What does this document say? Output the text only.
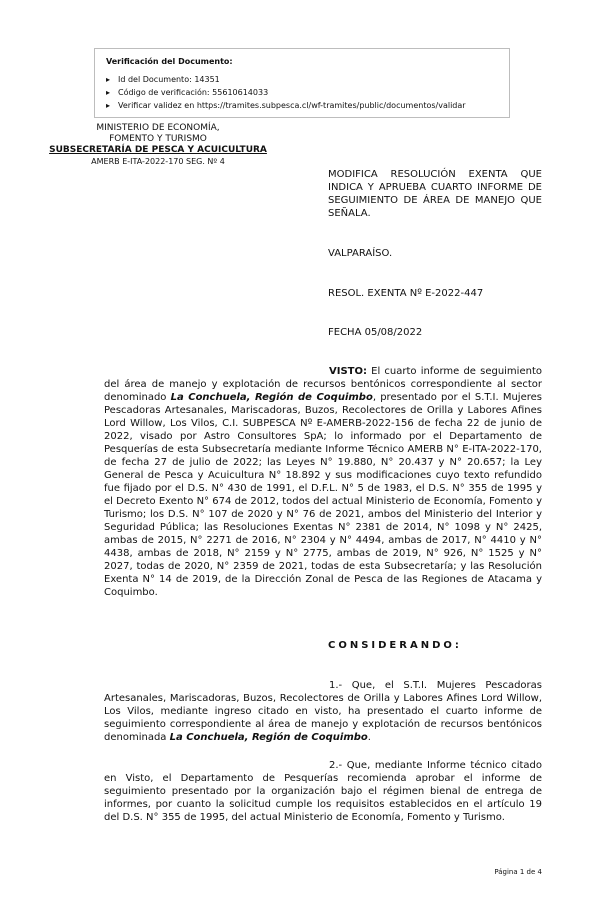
Verificación del Documento:
▸ Id del Documento: 14351
▸ Código de verificación: 55610614033
▸ Verificar validez en https://tramites.subpesca.cl/wf-tramites/public/documentos/validar
MINISTERIO DE ECONOMÍA,
FOMENTO Y TURISMO
SUBSECRETARÍA DE PESCA Y ACUICULTURA
AMERB E-ITA-2022-170 SEG. Nº 4
MODIFICA RESOLUCIÓN EXENTA QUE INDICA Y APRUEBA CUARTO INFORME DE SEGUIMIENTO DE ÁREA DE MANEJO QUE SEÑALA.
VALPARAÍSO.
RESOL. EXENTA Nº E-2022-447
FECHA 05/08/2022
VISTO: El cuarto informe de seguimiento del área de manejo y explotación de recursos bentónicos correspondiente al sector denominado La Conchuela, Región de Coquimbo, presentado por el S.T.I. Mujeres Pescadoras Artesanales, Mariscadoras, Buzos, Recolectores de Orilla y Labores Afines Lord Willow, Los Vilos, C.I. SUBPESCA Nº E-AMERB-2022-156 de fecha 22 de junio de 2022, visado por Astro Consultores SpA; lo informado por el Departamento de Pesquerías de esta Subsecretaría mediante Informe Técnico AMERB N° E-ITA-2022-170, de fecha 27 de julio de 2022; las Leyes N° 19.880, N° 20.437 y N° 20.657; la Ley General de Pesca y Acuicultura N° 18.892 y sus modificaciones cuyo texto refundido fue fijado por el D.S. N° 430 de 1991, el D.F.L. N° 5 de 1983, el D.S. N° 355 de 1995 y el Decreto Exento N° 674 de 2012, todos del actual Ministerio de Economía, Fomento y Turismo; los D.S. N° 107 de 2020 y N° 76 de 2021, ambos del Ministerio del Interior y Seguridad Pública; las Resoluciones Exentas N° 2381 de 2014, N° 1098 y N° 2425, ambas de 2015, N° 2271 de 2016, N° 2304 y N° 4494, ambas de 2017, N° 4410 y N° 4438, ambas de 2018, N° 2159 y N° 2775, ambas de 2019, N° 926, N° 1525 y N° 2027, todas de 2020, N° 2359 de 2021, todas de esta Subsecretaría; y las Resolución Exenta N° 14 de 2019, de la Dirección Zonal de Pesca de las Regiones de Atacama y Coquimbo.
CONSIDERANDO:
1.- Que, el S.T.I. Mujeres Pescadoras Artesanales, Mariscadoras, Buzos, Recolectores de Orilla y Labores Afines Lord Willow, Los Vilos, mediante ingreso citado en visto, ha presentado el cuarto informe de seguimiento correspondiente al área de manejo y explotación de recursos bentónicos denominada La Conchuela, Región de Coquimbo.
2.- Que, mediante Informe técnico citado en Visto, el Departamento de Pesquerías recomienda aprobar el informe de seguimiento presentado por la organización bajo el régimen bienal de entrega de informes, por cuanto la solicitud cumple los requisitos establecidos en el artículo 19 del D.S. N° 355 de 1995, del actual Ministerio de Economía, Fomento y Turismo.
Página 1 de 4
